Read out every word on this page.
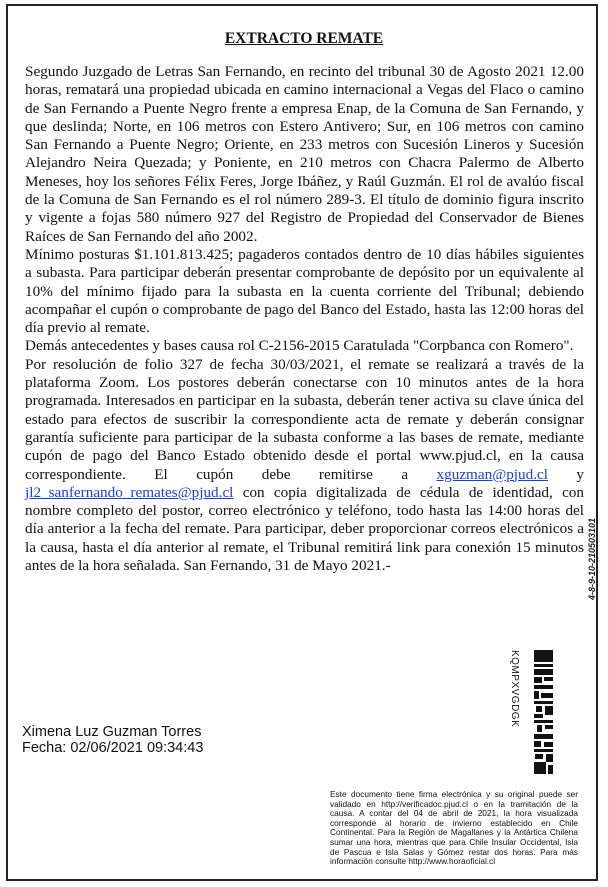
EXTRACTO REMATE

Segundo Juzgado de Letras San Fernando, en recinto del tribunal 30 de Agosto 2021 12.00 horas, rematará una propiedad ubicada en camino internacional a Vegas del Flaco o camino de San Fernando a Puente Negro frente a empresa Enap, de la Comuna de San Fernando, y que deslinda; Norte, en 106 metros con Estero Antivero; Sur, en 106 metros con camino San Fernando a Puente Negro; Oriente, en 233 metros con Sucesión Lineros y Sucesión Alejandro Neira Quezada; y Poniente, en 210 metros con Chacra Palermo de Alberto Meneses, hoy los señores Félix Feres, Jorge Ibáñez, y Raúl Guzmán. El rol de avalúo fiscal de la Comuna de San Fernando es el rol número 289-3. El título de dominio figura inscrito y vigente a fojas 580 número 927 del Registro de Propiedad del Conservador de Bienes Raíces de San Fernando del año 2002.

Mínimo posturas $1.101.813.425; pagaderos contados dentro de 10 días hábiles siguientes a subasta. Para participar deberán presentar comprobante de depósito por un equivalente al 10% del mínimo fijado para la subasta en la cuenta corriente del Tribunal; debiendo acompañar el cupón o comprobante de pago del Banco del Estado, hasta las 12:00 horas del día previo al remate.

Demás antecedentes y bases causa rol C-2156-2015 Caratulada "Corpbanca con Romero".

Por resolución de folio 327 de fecha 30/03/2021, el remate se realizará a través de la plataforma Zoom. Los postores deberán conectarse con 10 minutos antes de la hora programada. Interesados en participar en la subasta, deberán tener activa su clave única del estado para efectos de suscribir la correspondiente acta de remate y deberán consignar garantía suficiente para participar de la subasta conforme a las bases de remate, mediante cupón de pago del Banco Estado obtenido desde el portal www.pjud.cl, en la causa correspondiente. El cupón debe remitirse a xguzman@pjud.cl y jl2_sanfernando_remates@pjud.cl con copia digitalizada de cédula de identidad, con nombre completo del postor, correo electrónico y teléfono, todo hasta las 14:00 horas del día anterior a la fecha del remate. Para participar, deber proporcionar correos electrónicos a la causa, hasta el día anterior al remate, el Tribunal remitirá link para conexión 15 minutos antes de la hora señalada. San Fernando, 31 de Mayo 2021.-	4-8-9-10-210503101
KQMPXVGDGK
Ximena Luz Guzman Torres
Fecha: 02/06/2021 09:34:43
Este documento tiene firma electrónica y su original puede ser validado en http://verificadoc.pjud.cl o en la tramitación de la causa. A contar del 04 de abril de 2021, la hora visualizada corresponde al horario de invierno establecido en Chile Continental. Para la Región de Magallanes y la Antártica Chilena sumar una hora, mientras que para Chile Insular Occidental, Isla de Pascua e Isla Salas y Gómez restar dos horas. Para más información consulte http://www.horaoficial.cl
